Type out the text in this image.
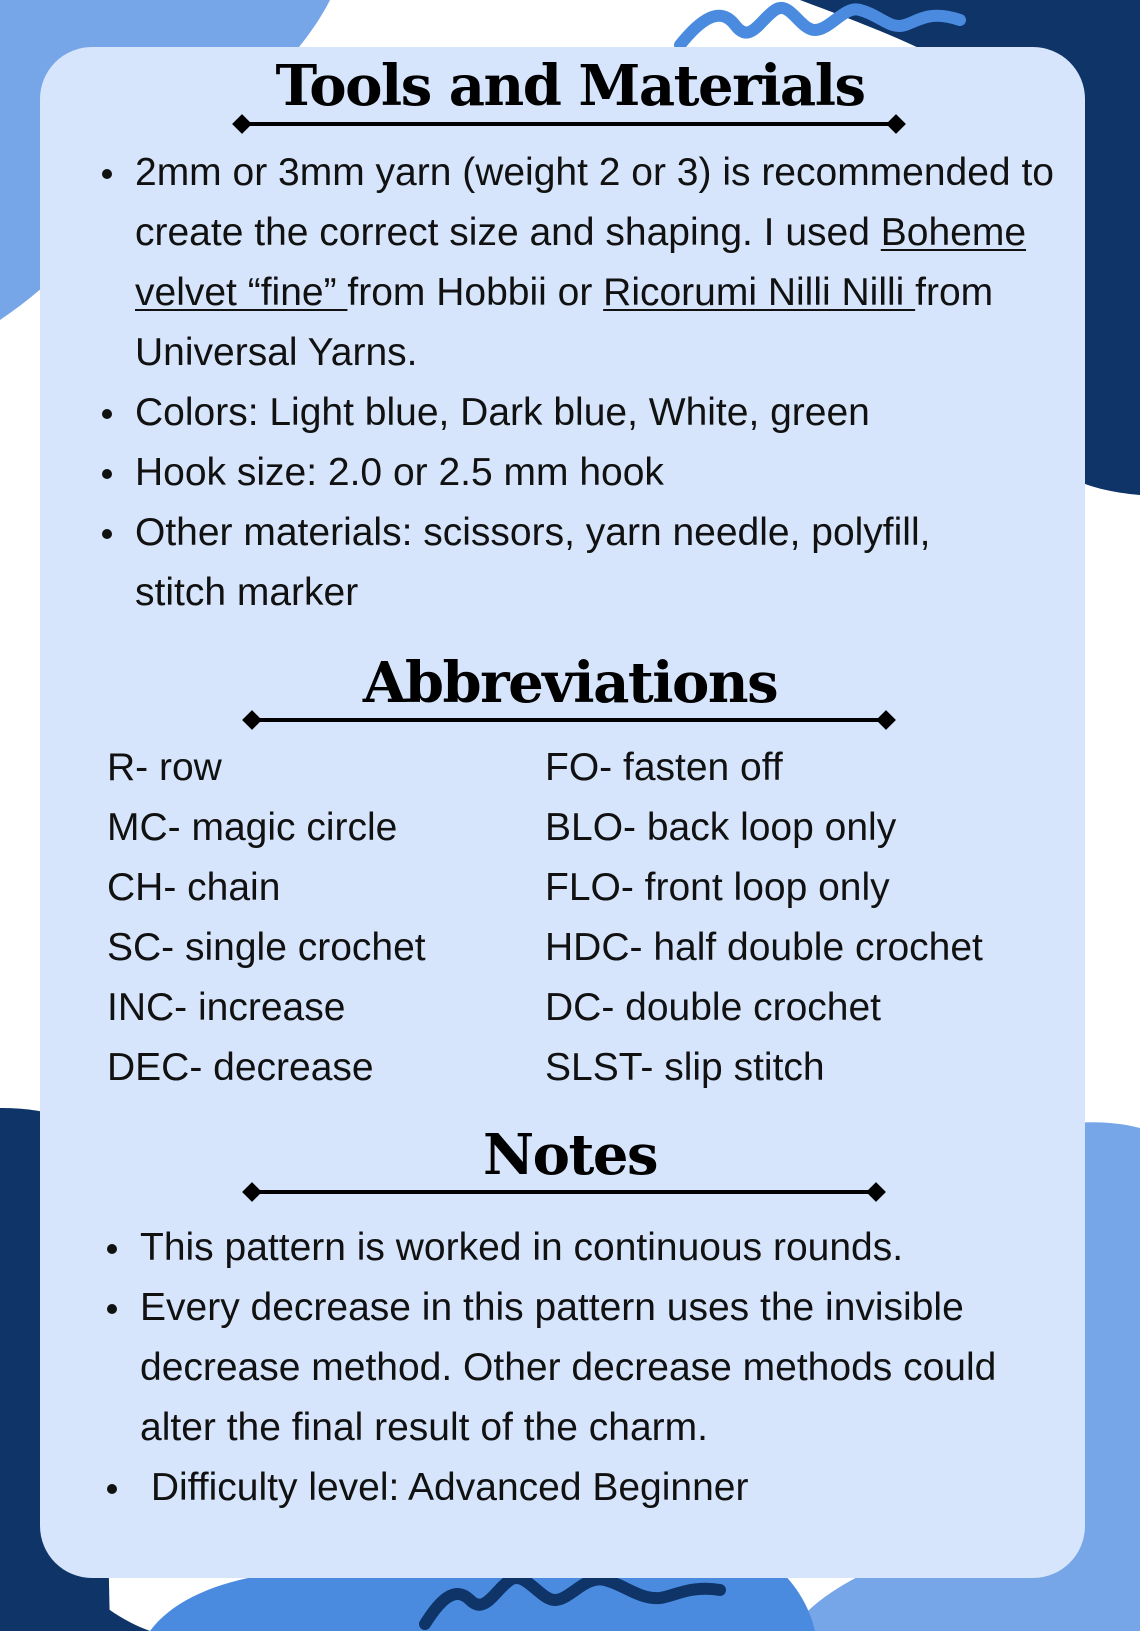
Tools and Materials
2mm or 3mm yarn (weight 2 or 3) is recommended to create the correct size and shaping. I used Boheme velvet “fine” from Hobbii or Ricorumi Nilli Nilli from Universal Yarns.
Colors: Light blue, Dark blue, White, green
Hook size: 2.0 or 2.5 mm hook
Other materials: scissors, yarn needle, polyfill, stitch marker
Abbreviations
R- row
MC- magic circle
CH- chain
SC- single crochet
INC- increase
DEC- decrease
FO- fasten off
BLO- back loop only
FLO- front loop only
HDC- half double crochet
DC- double crochet
SLST- slip stitch
Notes
This pattern is worked in continuous rounds.
Every decrease in this pattern uses the invisible decrease method. Other decrease methods could alter the final result of the charm.
Difficulty level: Advanced Beginner
